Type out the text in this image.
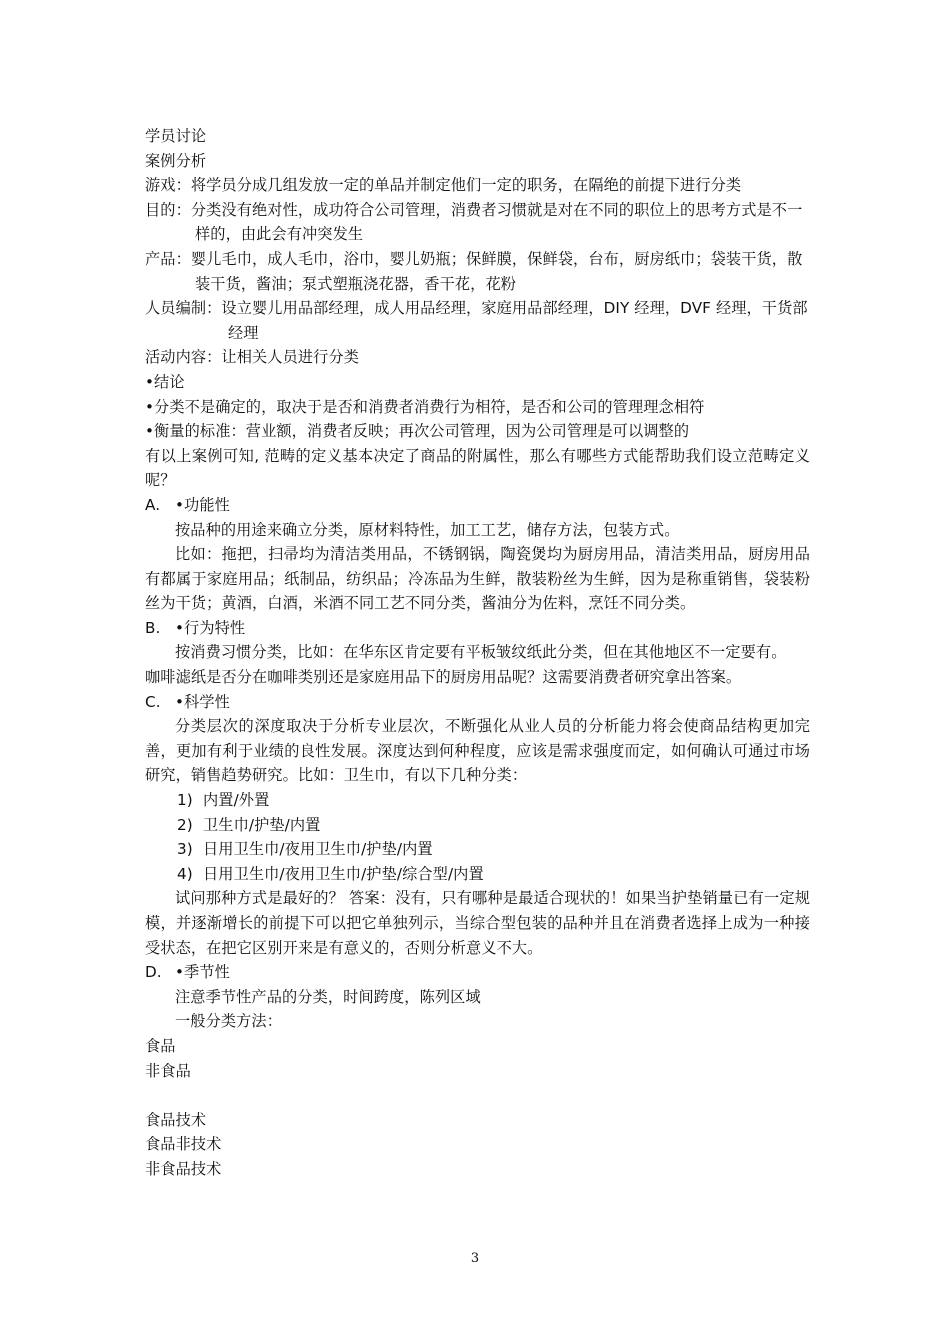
学员讨论
案例分析
游戏：将学员分成几组发放一定的单品并制定他们一定的职务，在隔绝的前提下进行分类
目的：分类没有绝对性，成功符合公司管理，消费者习惯就是对在不同的职位上的思考方式是不一样的，由此会有冲突发生
产品：婴儿毛巾，成人毛巾，浴巾，婴儿奶瓶；保鲜膜，保鲜袋，台布，厨房纸巾；袋装干货，散装干货，酱油；泵式塑瓶浇花器，香干花，花粉
人员编制：设立婴儿用品部经理，成人用品经理，家庭用品部经理，DIY 经理，DVF 经理，干货部经理
活动内容：让相关人员进行分类
•结论
•分类不是确定的，取决于是否和消费者消费行为相符，是否和公司的管理理念相符
•衡量的标准：营业额，消费者反映；再次公司管理，因为公司管理是可以调整的
有以上案例可知, 范畴的定义基本决定了商品的附属性，那么有哪些方式能帮助我们设立范畴定义呢？
A. •功能性
按品种的用途来确立分类，原材料特性，加工工艺，储存方法，包装方式。
比如：拖把，扫帚均为清洁类用品，不锈钢锅，陶瓷煲均为厨房用品，清洁类用品，厨房用品有都属于家庭用品；纸制品，纺织品；冷冻品为生鲜，散装粉丝为生鲜，因为是称重销售，袋装粉丝为干货；黄酒，白酒，米酒不同工艺不同分类，酱油分为佐料，烹饪不同分类。
B. •行为特性
按消费习惯分类，比如：在华东区肯定要有平板皱纹纸此分类，但在其他地区不一定要有。
咖啡滤纸是否分在咖啡类别还是家庭用品下的厨房用品呢？这需要消费者研究拿出答案。
C. •科学性
分类层次的深度取决于分析专业层次，不断强化从业人员的分析能力将会使商品结构更加完善，更加有利于业绩的良性发展。深度达到何种程度，应该是需求强度而定，如何确认可通过市场研究，销售趋势研究。比如：卫生巾，有以下几种分类：
1) 内置/外置
2) 卫生巾/护垫/内置
3) 日用卫生巾/夜用卫生巾/护垫/内置
4) 日用卫生巾/夜用卫生巾/护垫/综合型/内置
试问那种方式是最好的？ 答案：没有，只有哪种是最适合现状的！如果当护垫销量已有一定规模，并逐渐增长的前提下可以把它单独列示，当综合型包装的品种并且在消费者选择上成为一种接受状态，在把它区别开来是有意义的，否则分析意义不大。
D. •季节性
注意季节性产品的分类，时间跨度，陈列区域
一般分类方法：
食品
非食品
食品技术
食品非技术
非食品技术
3
